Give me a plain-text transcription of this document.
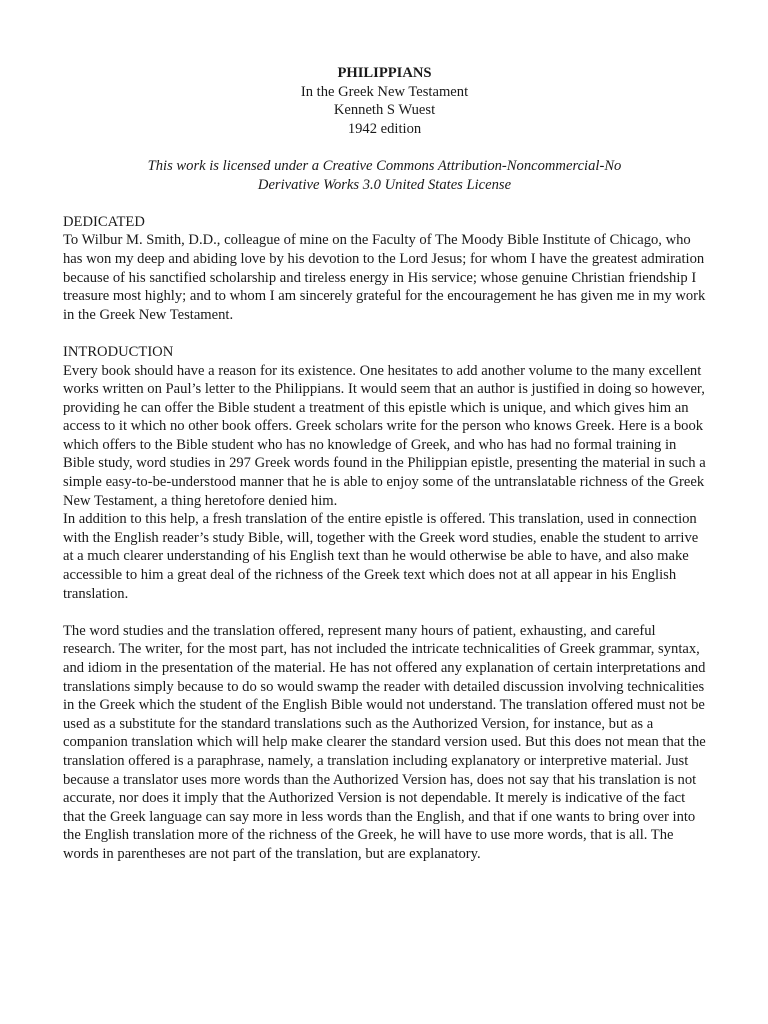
PHILIPPIANS
In the Greek New Testament
Kenneth S Wuest
1942 edition
This work is licensed under a Creative Commons Attribution-Noncommercial-No Derivative Works 3.0 United States License
DEDICATED

To Wilbur M. Smith, D.D., colleague of mine on the Faculty of The Moody Bible Institute of Chicago, who has won my deep and abiding love by his devotion to the Lord Jesus; for whom I have the greatest admiration because of his sanctified scholarship and tireless energy in His service; whose genuine Christian friendship I treasure most highly; and to whom I am sincerely grateful for the encouragement he has given me in my work in the Greek New Testament.

INTRODUCTION

Every book should have a reason for its existence. One hesitates to add another volume to the many excellent works written on Paul’s letter to the Philippians. It would seem that an author is justified in doing so however, providing he can offer the Bible student a treatment of this epistle which is unique, and which gives him an access to it which no other book offers. Greek scholars write for the person who knows Greek. Here is a book which offers to the Bible student who has no knowledge of Greek, and who has had no formal training in Bible study, word studies in 297 Greek words found in the Philippian epistle, presenting the material in such a simple easy-to-be-understood manner that he is able to enjoy some of the untranslatable richness of the Greek New Testament, a thing heretofore denied him.

In addition to this help, a fresh translation of the entire epistle is offered. This translation, used in connection with the English reader’s study Bible, will, together with the Greek word studies, enable the student to arrive at a much clearer understanding of his English text than he would otherwise be able to have, and also make accessible to him a great deal of the richness of the Greek text which does not at all appear in his English translation.

The word studies and the translation offered, represent many hours of patient, exhausting, and careful research. The writer, for the most part, has not included the intricate technicalities of Greek grammar, syntax, and idiom in the presentation of the material. He has not offered any explanation of certain interpretations and translations simply because to do so would swamp the reader with detailed discussion involving technicalities in the Greek which the student of the English Bible would not understand. The translation offered must not be used as a substitute for the standard translations such as the Authorized Version, for instance, but as a companion translation which will help make clearer the standard version used. But this does not mean that the translation offered is a paraphrase, namely, a translation including explanatory or interpretive material. Just because a translator uses more words than the Authorized Version has, does not say that his translation is not accurate, nor does it imply that the Authorized Version is not dependable. It merely is indicative of the fact that the Greek language can say more in less words than the English, and that if one wants to bring over into the English translation more of the richness of the Greek, he will have to use more words, that is all. The words in parentheses are not part of the translation, but are explanatory.
